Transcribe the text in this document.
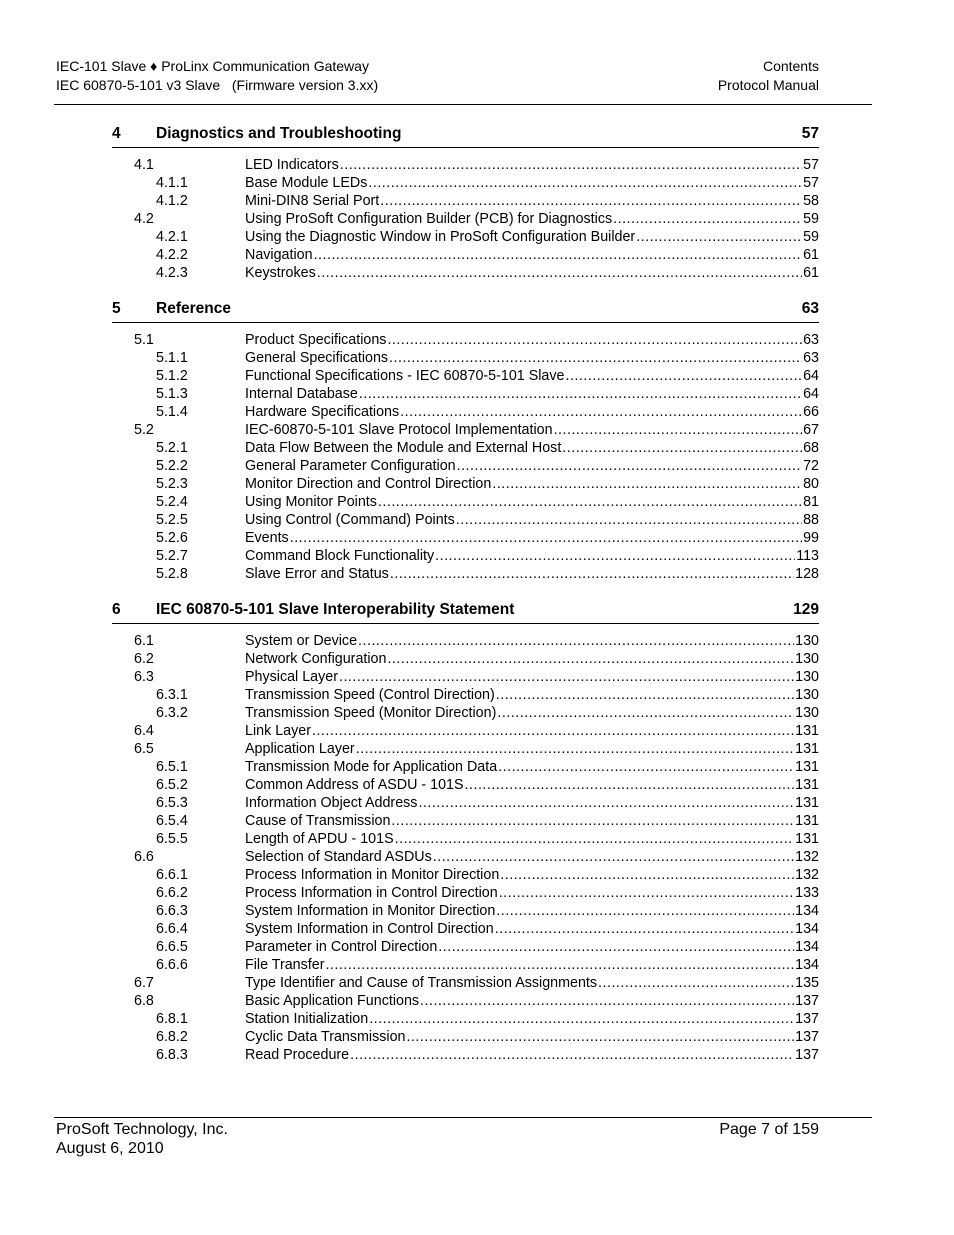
IEC-101 Slave ♦ ProLinx Communication Gateway	Contents
IEC 60870-5-101 v3 Slave   (Firmware version 3.xx)	Protocol Manual
4	Diagnostics and Troubleshooting	57
4.1	LED Indicators .....	57
4.1.1	Base Module LEDs .....	57
4.1.2	Mini-DIN8 Serial Port .....	58
4.2	Using ProSoft Configuration Builder (PCB) for Diagnostics .....	59
4.2.1	Using the Diagnostic Window in ProSoft Configuration Builder .....	59
4.2.2	Navigation .....	61
4.2.3	Keystrokes .....	61
5	Reference	63
5.1	Product Specifications .....	63
5.1.1	General Specifications .....	63
5.1.2	Functional Specifications - IEC 60870-5-101 Slave .....	64
5.1.3	Internal Database .....	64
5.1.4	Hardware Specifications .....	66
5.2	IEC-60870-5-101 Slave Protocol Implementation .....	67
5.2.1	Data Flow Between the Module and External Host .....	68
5.2.2	General Parameter Configuration .....	72
5.2.3	Monitor Direction and Control Direction .....	80
5.2.4	Using Monitor Points .....	81
5.2.5	Using Control (Command) Points .....	88
5.2.6	Events .....	99
5.2.7	Command Block Functionality .....	113
5.2.8	Slave Error and Status .....	128
6	IEC 60870-5-101 Slave Interoperability Statement	129
6.1	System or Device .....	130
6.2	Network Configuration .....	130
6.3	Physical Layer .....	130
6.3.1	Transmission Speed (Control Direction) .....	130
6.3.2	Transmission Speed (Monitor Direction) .....	130
6.4	Link Layer .....	131
6.5	Application Layer .....	131
6.5.1	Transmission Mode for Application Data .....	131
6.5.2	Common Address of ASDU - 101S .....	131
6.5.3	Information Object Address .....	131
6.5.4	Cause of Transmission .....	131
6.5.5	Length of APDU - 101S .....	131
6.6	Selection of Standard ASDUs .....	132
6.6.1	Process Information in Monitor Direction .....	132
6.6.2	Process Information in Control Direction .....	133
6.6.3	System Information in Monitor Direction .....	134
6.6.4	System Information in Control Direction .....	134
6.6.5	Parameter in Control Direction .....	134
6.6.6	File Transfer .....	134
6.7	Type Identifier and Cause of Transmission Assignments .....	135
6.8	Basic Application Functions .....	137
6.8.1	Station Initialization .....	137
6.8.2	Cyclic Data Transmission .....	137
6.8.3	Read Procedure .....	137
ProSoft Technology, Inc.	Page 7 of 159
August 6, 2010
